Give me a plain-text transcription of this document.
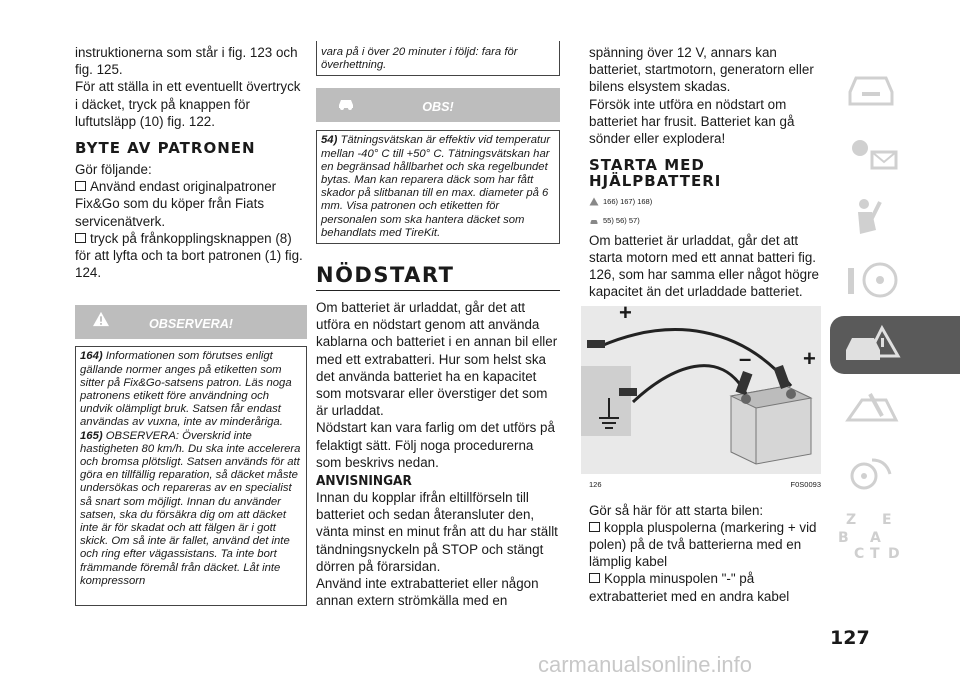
instruktionerna som står i fig. 123 och fig. 125.

För att ställa in ett eventuellt övertryck i däcket, tryck på knappen för luftutsläpp (10) fig. 122.

BYTE AV PATRONEN

Gör följande:

Använd endast originalpatroner Fix&Go som du köper från Fiats servicenätverk.

tryck på frånkopplingsknappen (8) för att lyfta och ta bort patronen (1) fig. 124.

OBSERVERA!
164) Informationen som förutses enligt gällande normer anges på etiketten som sitter på Fix&Go-satsens patron. Läs noga patronens etikett före användning och undvik olämpligt bruk. Satsen får endast användas av vuxna, inte av minderåriga.
165) OBSERVERA: Överskrid inte hastigheten 80 km/h. Du ska inte accelerera och bromsa plötsligt. Satsen används för att göra en tillfällig reparation, så däcket måste undersökas och repareras av en specialist så snart som möjligt. Innan du använder satsen, ska du försäkra dig om att däcket inte är för skadat och att fälgen är i gott skick. Om så inte är fallet, använd det inte och ring efter vägassistans. Ta inte bort främmande föremål från däcket. Låt inte kompressorn
vara på i över 20 minuter i följd: fara för överhettning.
OBS!
54) Tätningsvätskan är effektiv vid temperatur mellan -40° C till +50° C. Tätningsvätskan har en begränsad hållbarhet och ska regelbundet bytas. Man kan reparera däck som har fått skador på slitbanan till en max. diameter på 6 mm. Visa patronen och etiketten för personalen som ska hantera däcket som behandlats med TireKit.
NÖDSTART

Om batteriet är urladdat, går det att utföra en nödstart genom att använda kablarna och batteriet i en annan bil eller med ett extrabatteri. Hur som helst ska det använda batteriet ha en kapacitet som motsvarar eller överstiger det som är urladdat.

Nödstart kan vara farlig om det utförs på felaktigt sätt. Följ noga procedurerna som beskrivs nedan.

ANVISNINGAR

Innan du kopplar ifrån eltillförseln till batteriet och sedan återansluter den, vänta minst en minut från att du har ställt tändningsnyckeln på STOP och stängt dörren på förarsidan.

Använd inte extrabatteriet eller någon annan extern strömkälla med en

spänning över 12 V, annars kan batteriet, startmotorn, generatorn eller bilens elsystem skadas.

Försök inte utföra en nödstart om batteriet har frusit. Batteriet kan gå sönder eller explodera!

STARTA MED HJÄLPBATTERI
166) 167) 168)
55) 56) 57)

Om batteriet är urladdat, går det att starta motorn med ett annat batteri fig. 126, som har samma eller något högre kapacitet än det urladdade batteriet.

+
+
–
126	F0S0093

Gör så här för att starta bilen:

koppla pluspolerna (markering + vid polen) på de två batterierna med en lämplig kabel

Koppla minuspolen "-" på extrabatteriet med en andra kabel

Z E
B
C
A
T D
127
carmanualsonline.info
